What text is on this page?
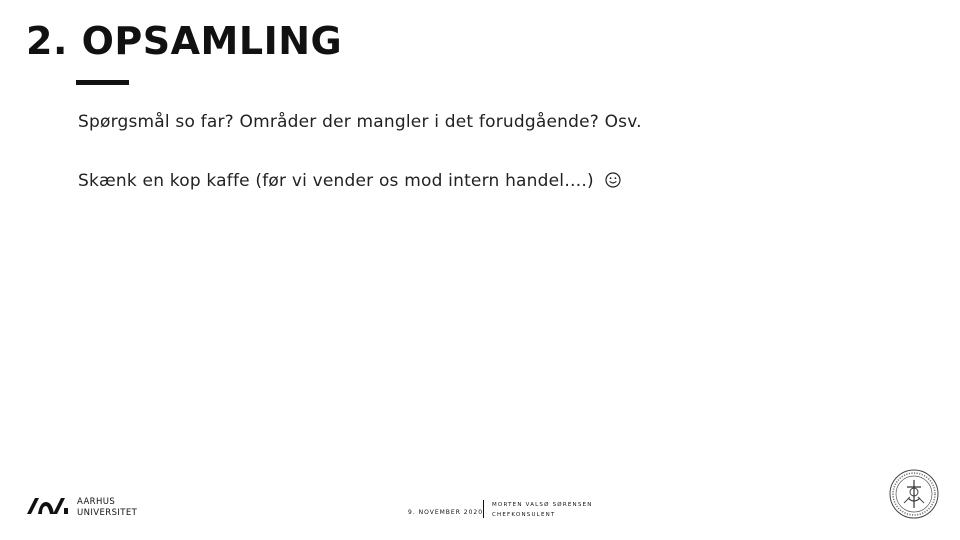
2. OPSAMLING
Spørgsmål so far? Områder der mangler i det forudgående? Osv.
Skænk en kop kaffe (før vi vender os mod intern handel….)
AARHUS
UNIVERSITET	9. NOVEMBER 2020
MORTEN VALSØ SØRENSEN
CHEFKONSULENT
